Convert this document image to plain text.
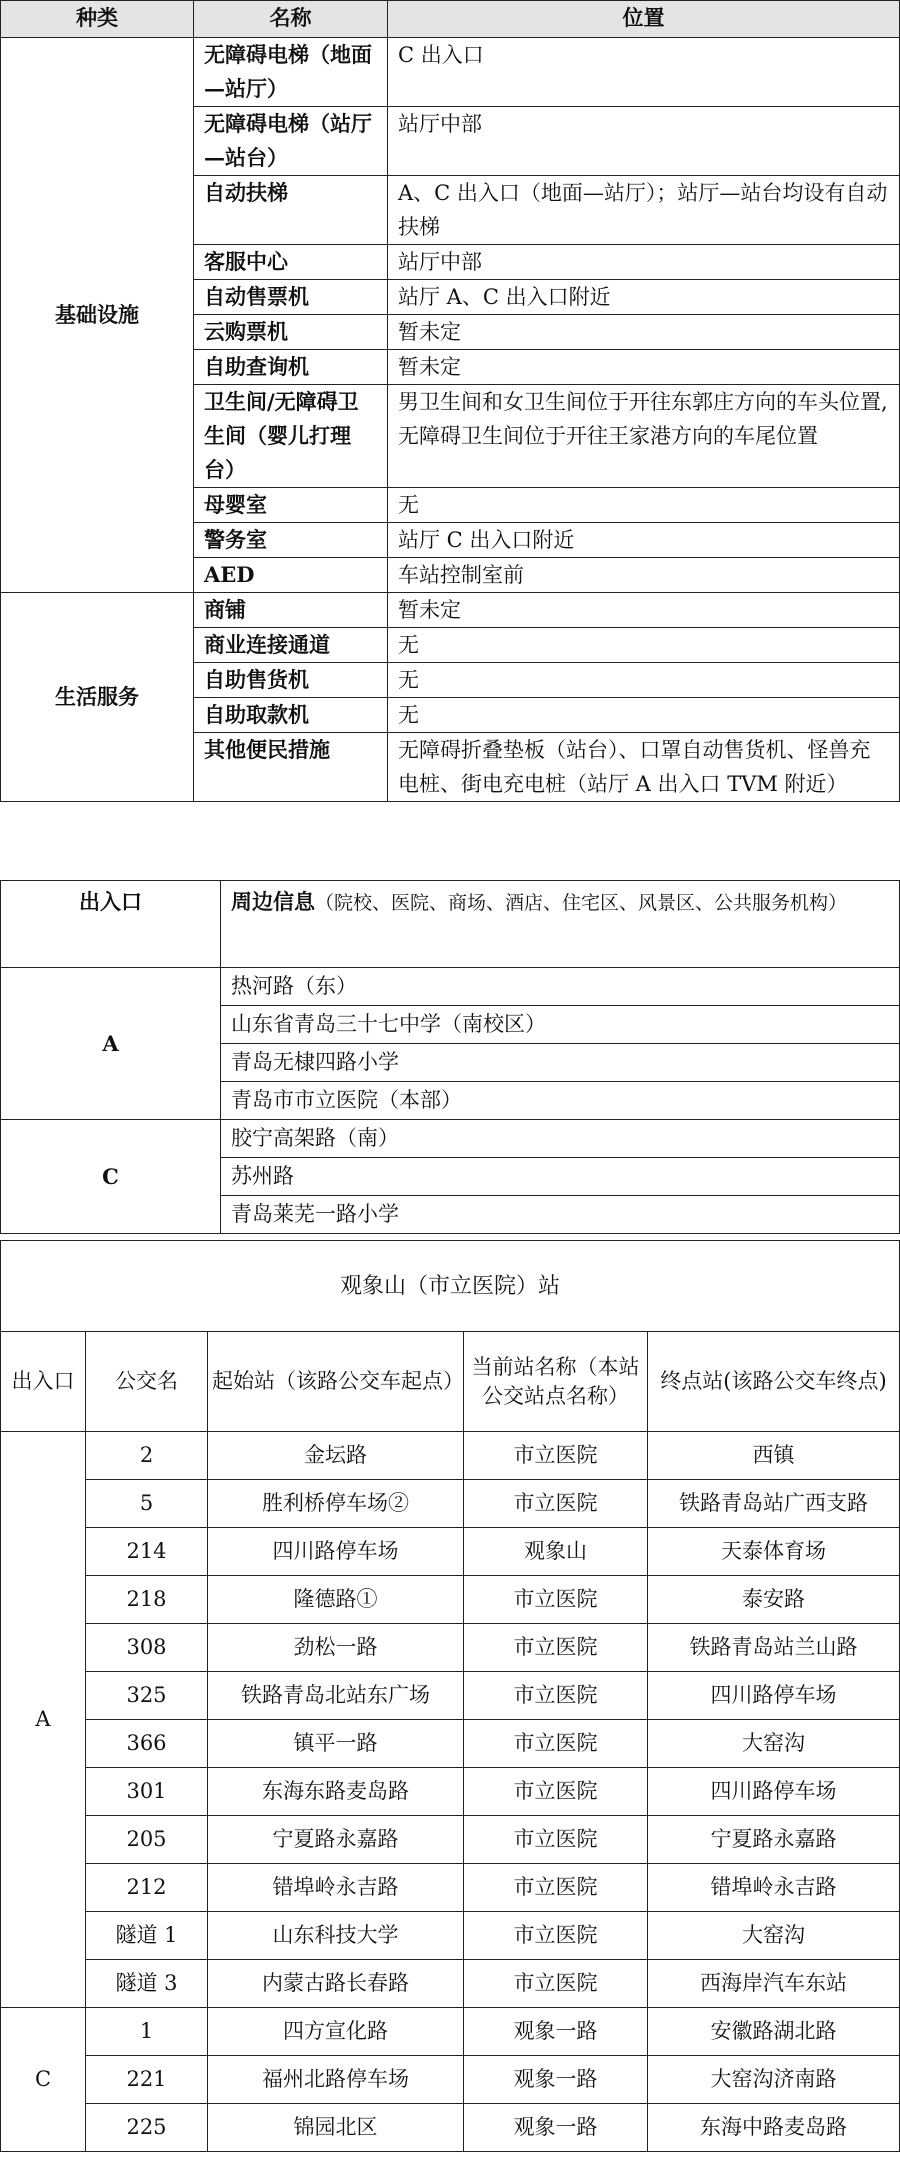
种类	名称	位置
基础设施	无障碍电梯（地面—站厅）	C 出入口
	无障碍电梯（站厅—站台）	站厅中部
	自动扶梯	A、C 出入口（地面—站厅）；站厅—站台均设有自动扶梯
	客服中心	站厅中部
	自动售票机	站厅 A、C 出入口附近
	云购票机	暂未定
	自助查询机	暂未定
	卫生间/无障碍卫生间（婴儿打理台）	男卫生间和女卫生间位于开往东郭庄方向的车头位置,无障碍卫生间位于开往王家港方向的车尾位置
	母婴室	无
	警务室	站厅 C 出入口附近
	AED	车站控制室前
生活服务	商铺	暂未定
	商业连接通道	无
	自助售货机	无
	自助取款机	无
	其他便民措施	无障碍折叠垫板（站台）、口罩自动售货机、怪兽充电桩、街电充电桩（站厅 A 出入口 TVM 附近）
出入口	周边信息（院校、医院、商场、酒店、住宅区、风景区、公共服务机构）
A	热河路（东）
	山东省青岛三十七中学（南校区）
	青岛无棣四路小学
	青岛市市立医院（本部）
C	胶宁高架路（南）
	苏州路
	青岛莱芜一路小学
观象山（市立医院）站				
出入口	公交名	起始站（该路公交车起点）	当前站名称（本站公交站点名称）	终点站(该路公交车终点)
A	2	金坛路	市立医院	西镇
	5	胜利桥停车场②	市立医院	铁路青岛站广西支路
	214	四川路停车场	观象山	天泰体育场
	218	隆德路①	市立医院	泰安路
	308	劲松一路	市立医院	铁路青岛站兰山路
	325	铁路青岛北站东广场	市立医院	四川路停车场
	366	镇平一路	市立医院	大窑沟
	301	东海东路麦岛路	市立医院	四川路停车场
	205	宁夏路永嘉路	市立医院	宁夏路永嘉路
	212	错埠岭永吉路	市立医院	错埠岭永吉路
	隧道 1	山东科技大学	市立医院	大窑沟
	隧道 3	内蒙古路长春路	市立医院	西海岸汽车东站
C	1	四方宣化路	观象一路	安徽路湖北路
	221	福州北路停车场	观象一路	大窑沟济南路
	225	锦园北区	观象一路	东海中路麦岛路
